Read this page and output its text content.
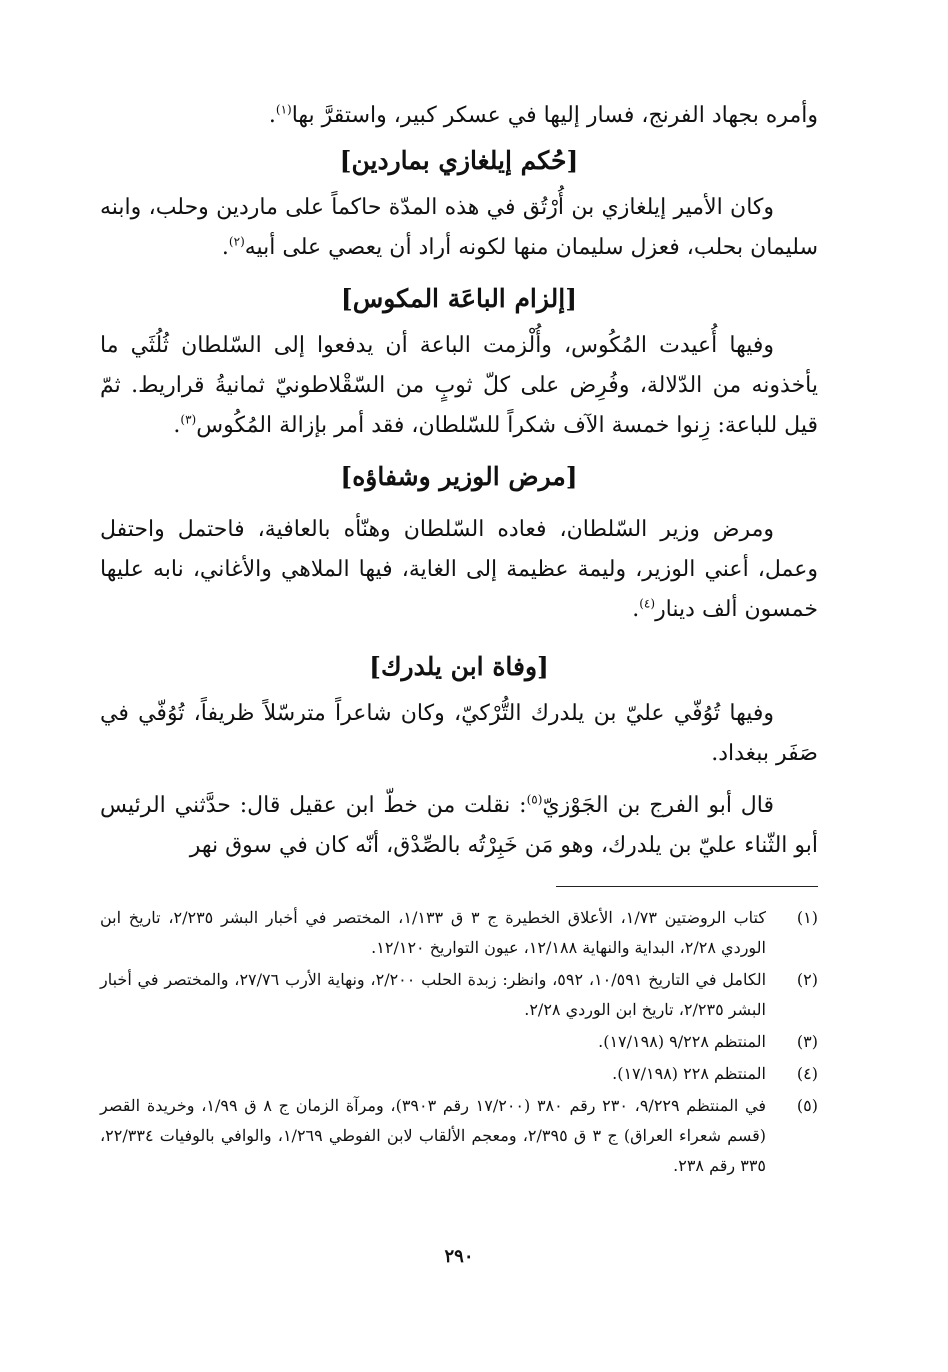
وأمره بجهاد الفرنج، فسار إليها في عسكر كبير، واستقرَّ بها$^{(١)}$.

[حُكم إيلغازي بماردين]

وكان الأمير إيلغازي بن أُرْتُق في هذه المدّة حاكماً على ماردين وحلب، وابنه سليمان بحلب، فعزل سليمان منها لكونه أراد أن يعصي على أبيه$^{(٢)}$.

[إلزام الباعَة المكوس]

وفيها أُعيدت المُكُوس، وأُلْزمت الباعة أن يدفعوا إلى السّلطان ثُلُثَي ما يأخذونه من الدّلالة، وفُرِض على كلّ ثوبٍ من السّقْلاطونيّ ثمانيةُ قراريط. ثمّ قيل للباعة: زِنوا خمسة الآف شكراً للسّلطان، فقد أمر بإزالة المُكُوس$^{(٣)}$.

[مرض الوزير وشفاؤه]

ومرض وزير السّلطان، فعاده السّلطان وهنّأه بالعافية، فاحتمل واحتفل وعمل، أعني الوزير، وليمة عظيمة إلى الغاية، فيها الملاهي والأغاني، نابه عليها خمسون ألف دينار$^{(٤)}$.

[وفاة ابن يلدرك]

وفيها تُوُفّي عليّ بن يلدرك التُّرْكيّ، وكان شاعراً مترسّلاً ظريفاً، تُوُفّي في صَفَر ببغداد.

قال أبو الفرج بن الجَوْزيّ$^{(٥)}$: نقلت من خطّ ابن عقيل قال: حدَّثني الرئيس أبو الثّناء عليّ بن يلدرك، وهو مَن خَبِرْتُه بالصِّدْق، أنّه كان في سوق نهر

(١)
كتاب الروضتين ١/٧٣، الأعلاق الخطيرة ج ٣ ق ١/١٣٣، المختصر في أخبار البشر ٢/٢٣٥، تاريخ ابن الوردي ٢/٢٨، البداية والنهاية ١٢/١٨٨، عيون التواريخ ١٢/١٢٠.
(٢)
الكامل في التاريخ ١٠/٥٩١، ٥٩٢، وانظر: زبدة الحلب ٢/٢٠٠، ونهاية الأرب ٢٧/٧٦، والمختصر في أخبار البشر ٢/٢٣٥، تاريخ ابن الوردي ٢/٢٨.
(٣)
المنتظم ٩/٢٢٨ (١٧/١٩٨).
(٤)
المنتظم ٢٢٨ (١٧/١٩٨).
(٥)
في المنتظم ٩/٢٢٩، ٢٣٠ رقم ٣٨٠ (١٧/٢٠٠ رقم ٣٩٠٣)، ومرآة الزمان ج ٨ ق ١/٩٩، وخريدة القصر (قسم شعراء العراق) ج ٣ ق ٢/٣٩٥، ومعجم الألقاب لابن الفوطي ١/٢٦٩، والوافي بالوفيات ٢٢/٣٣٤، ٣٣٥ رقم ٢٣٨.
٢٩٠
